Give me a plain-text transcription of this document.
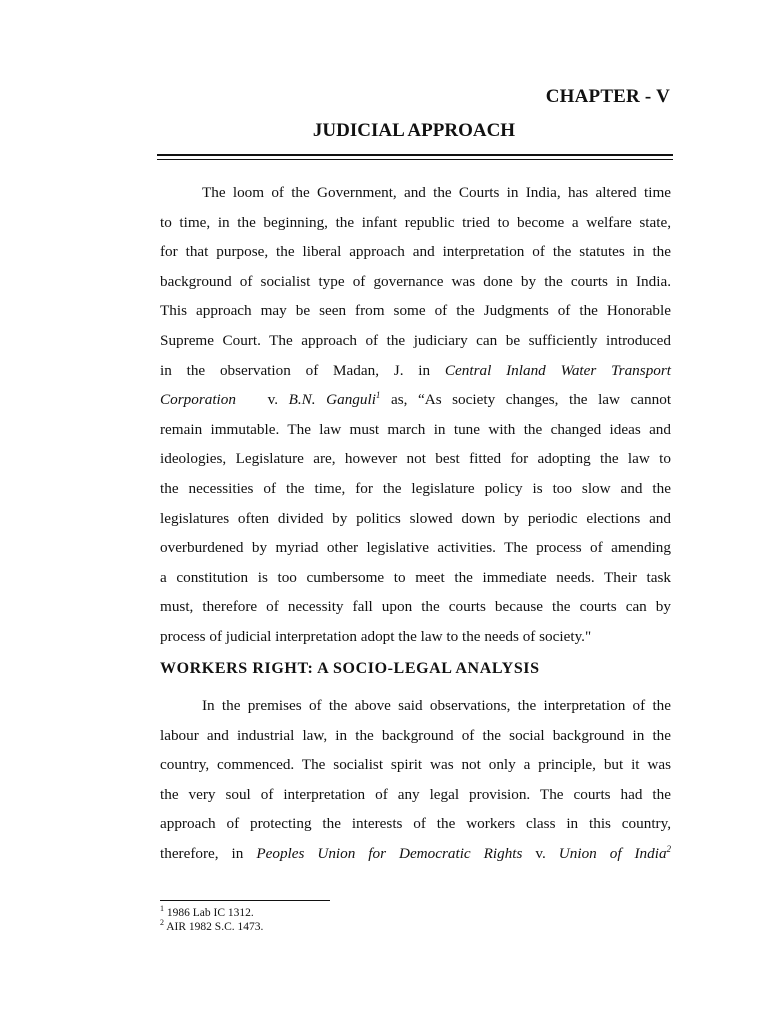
CHAPTER - V
JUDICIAL APPROACH
The loom of the Government, and the Courts in India, has altered time
to time, in the beginning, the infant republic tried to become a welfare state,
for that purpose, the liberal approach and interpretation of the statutes in the
background of socialist type of governance was done by the courts in India.
This approach may be seen from some of the Judgments of the Honorable
Supreme Court. The approach of the judiciary can be sufficiently introduced
in the observation of Madan, J. in Central Inland Water Transport
Corporation v. B.N. Ganguli$^1$ as, “As society changes, the law cannot
remain immutable. The law must march in tune with the changed ideas and
ideologies, Legislature are, however not best fitted for adopting the law to
the necessities of the time, for the legislature policy is too slow and the
legislatures often divided by politics slowed down by periodic elections and
overburdened by myriad other legislative activities. The process of amending
a constitution is too cumbersome to meet the immediate needs. Their task
must, therefore of necessity fall upon the courts because the courts can by
process of judicial interpretation adopt the law to the needs of society."
WORKERS RIGHT: A SOCIO-LEGAL ANALYSIS
In the premises of the above said observations, the interpretation of the
labour and industrial law, in the background of the social background in the
country, commenced. The socialist spirit was not only a principle, but it was
the very soul of interpretation of any legal provision. The courts had the
approach of protecting the interests of the workers class in this country,
therefore, in Peoples Union for Democratic Rights v. Union of India$^2$
$^1$ 1986 Lab IC 1312.
$^2$ AIR 1982 S.C. 1473.
